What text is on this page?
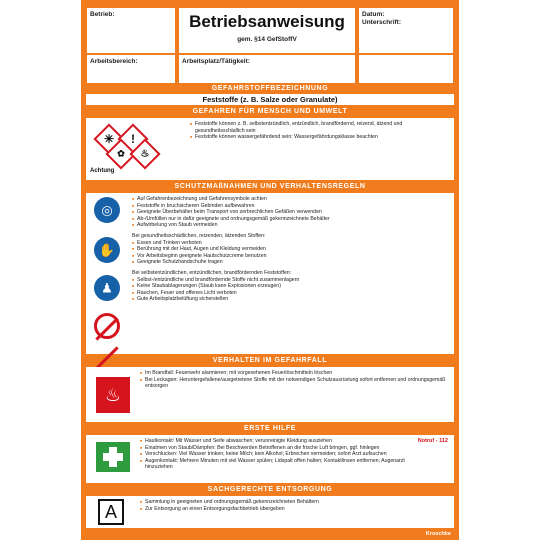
Betrieb:	Betriebsanweisung
gem. §14 GefStoffV
Datum:
Unterschrift:
Arbeitsbereich:	Arbeitsplatz/Tätigkeit:
GEFAHRSTOFFBEZEICHNUNG
Feststoffe (z. B. Salze oder Granulate)
GEFAHREN FÜR MENSCH UND UMWELT
✳ !
✿ ♨
Achtung
■ Feststoffe können z. B. selbstentzündlich, entzündlich, brandfördernd, reizend, ätzend und gesundheitsschädlich sein
■ Feststoffe können wassergefährdend sein; Wassergefährdungsklasse beachten
SCHUTZMAßNAHMEN UND VERHALTENSREGELN
◎
✋
♟
■ Auf Gefahrenbezeichnung und Gefahrensymbole achten
■ Feststoffe in bruchsicheren Gebinden aufbewahren
■ Geeignete Überbehälter beim Transport von zerbrechlichen Gefäßen verwenden
■ Ab-/Umfüllen nur in dafür geeignete und ordnungsgemäß gekennzeichnete Behälter
■ Aufwirbelung von Staub vermeiden
Bei gesundheitsschädlichen, reizenden, ätzenden Stoffen:
■ Essen und Trinken verboten
■ Berührung mit der Haut, Augen und Kleidung vermeiden
■ Vor Arbeitsbeginn geeignete Hautschutzcreme benutzen
■ Geeignete Schutzhandschuhe tragen
Bei selbstentzündlichen, entzündlichen, brandfördernden Feststoffen:
■ Selbst-/entzündliche und brandfördernde Stoffe nicht zusammenlagern
■ Keine Staubablagerungen (Staub kann Explosionen erzeugen)
■ Rauchen, Feuer und offenes Licht verboten
■ Gute Arbeitsplatzbelüftung sicherstellen
VERHALTEN IM GEFAHRFALL
♨
■ Im Brandfall: Feuerwehr alarmieren; mit vorgesehenen Feuerlöschmitteln löschen
■ Bei Leckagen: Heruntergefallene/ausgetretene Stoffe mit der notwendigen Schutzausrüstung sofort entfernen und ordnungsgemäß entsorgen
ERSTE HILFE
Notruf - 112
■ Hautkontakt: Mit Wasser und Seife abwaschen; verunreinigte Kleidung ausziehen
■ Einatmen von Staub/Dämpfen: Bei Beschwerden Betroffenen an die frische Luft bringen, ggf. hinlegen
■ Verschlucken: Viel Wasser trinken; keine Milch; kein Alkohol; Erbrechen vermeiden; sofort Arzt aufsuchen
■ Augenkontakt: Mehrere Minuten mit viel Wasser spülen; Lidspalt offen halten; Kontaktlinsen entfernen; Augenarzt hinzuziehen
SACHGERECHTE ENTSORGUNG
A
■	Sammlung in geeigneten und ordnungsgemäß gekennzeichneten Behältern
■ Zur Entsorgung an einen Entsorgungsfachbetrieb übergeben
Kroschke
